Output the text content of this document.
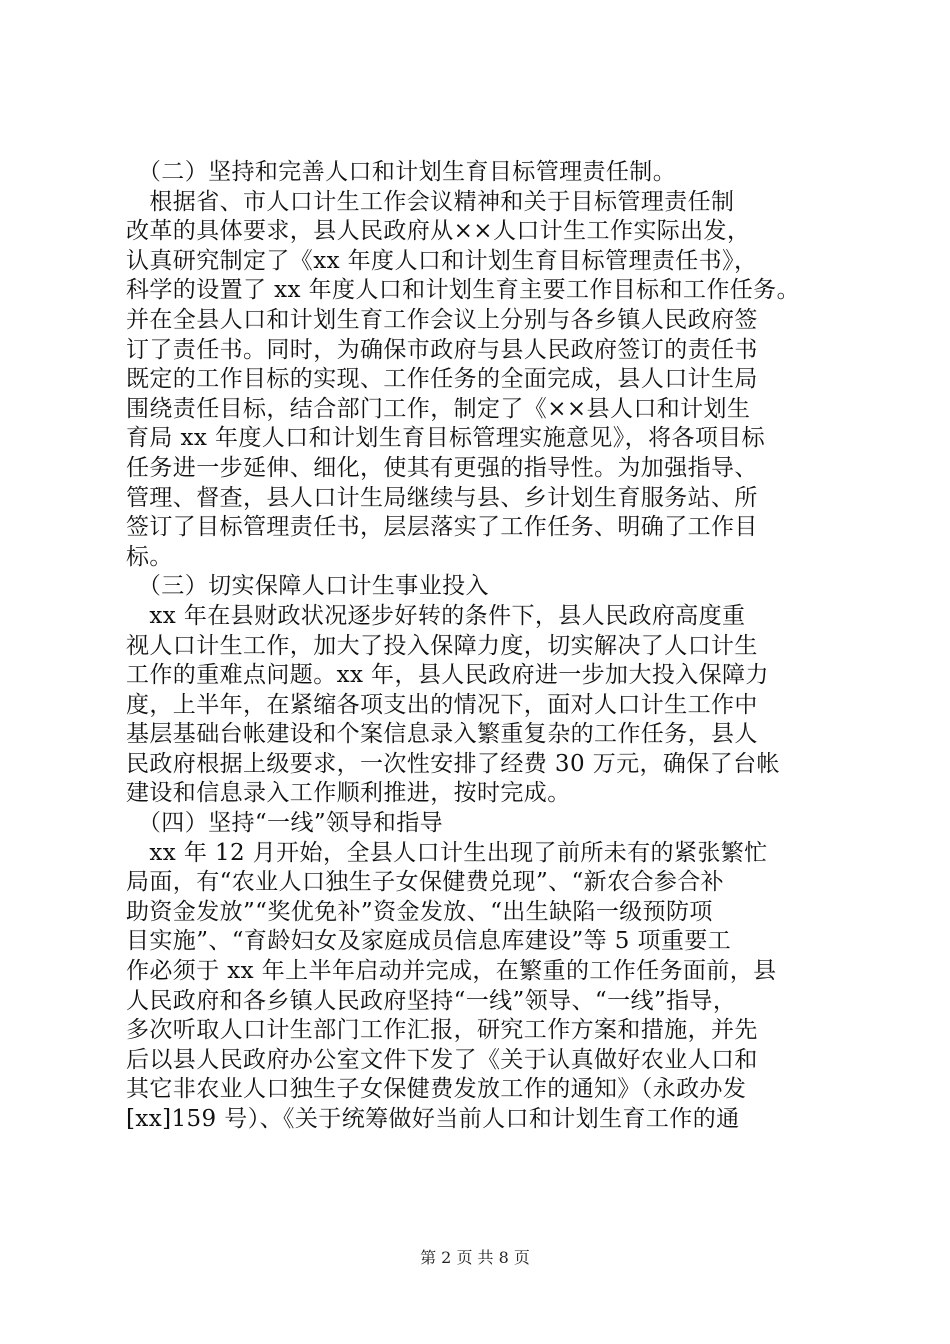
　（二）坚持和完善人口和计划生育目标管理责任制。
　根据省、市人口计生工作会议精神和关于目标管理责任制
改革的具体要求，县人民政府从××人口计生工作实际出发，
认真研究制定了《xx 年度人口和计划生育目标管理责任书》，
科学的设置了 xx 年度人口和计划生育主要工作目标和工作任务。
并在全县人口和计划生育工作会议上分别与各乡镇人民政府签
订了责任书。同时，为确保市政府与县人民政府签订的责任书
既定的工作目标的实现、工作任务的全面完成，县人口计生局
围绕责任目标，结合部门工作，制定了《××县人口和计划生
育局 xx 年度人口和计划生育目标管理实施意见》，将各项目标
任务进一步延伸、细化，使其有更强的指导性。为加强指导、
管理、督查，县人口计生局继续与县、乡计划生育服务站、所
签订了目标管理责任书，层层落实了工作任务、明确了工作目
标。
　（三）切实保障人口计生事业投入
　xx 年在县财政状况逐步好转的条件下，县人民政府高度重
视人口计生工作，加大了投入保障力度，切实解决了人口计生
工作的重难点问题。xx 年，县人民政府进一步加大投入保障力
度，上半年，在紧缩各项支出的情况下，面对人口计生工作中
基层基础台帐建设和个案信息录入繁重复杂的工作任务，县人
民政府根据上级要求，一次性安排了经费 30 万元，确保了台帐
建设和信息录入工作顺利推进，按时完成。
　（四）坚持“一线”领导和指导
　xx 年 12 月开始，全县人口计生出现了前所未有的紧张繁忙
局面，有“农业人口独生子女保健费兑现”、“新农合参合补
助资金发放”“奖优免补”资金发放、“出生缺陷一级预防项
目实施”、“育龄妇女及家庭成员信息库建设”等 5 项重要工
作必须于 xx 年上半年启动并完成，在繁重的工作任务面前，县
人民政府和各乡镇人民政府坚持“一线”领导、“一线”指导，
多次听取人口计生部门工作汇报，研究工作方案和措施，并先
后以县人民政府办公室文件下发了《关于认真做好农业人口和
其它非农业人口独生子女保健费发放工作的通知》（永政办发
[xx]159 号）、《关于统筹做好当前人口和计划生育工作的通
第 2 页 共 8 页
